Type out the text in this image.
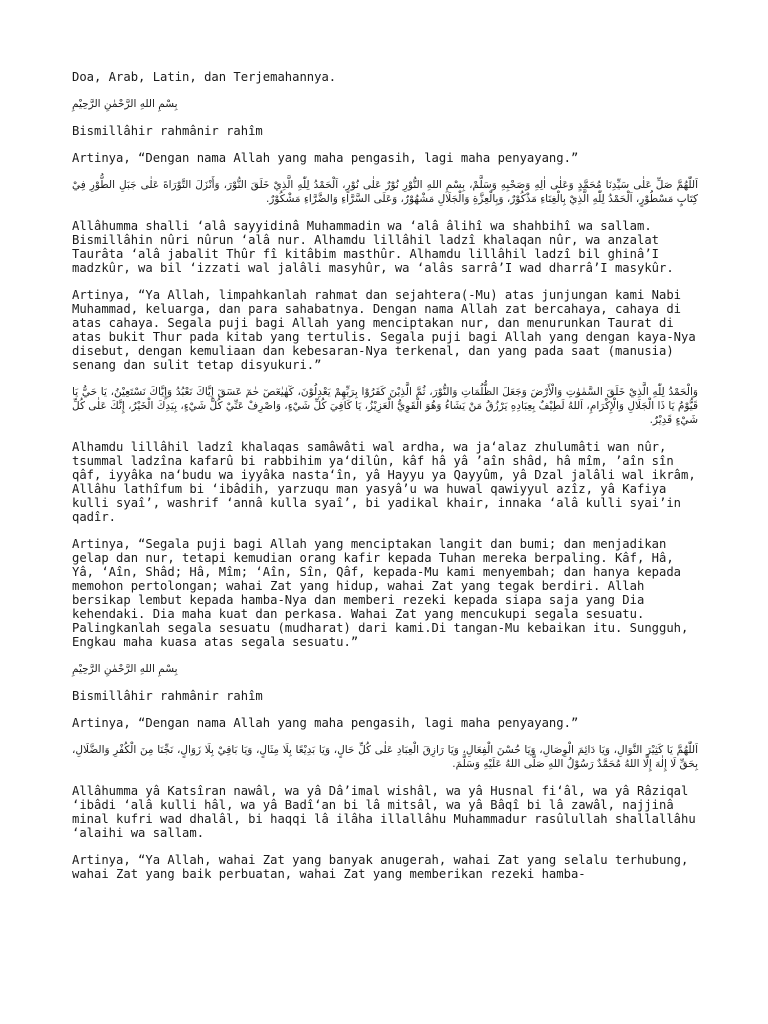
Doa, Arab, Latin, dan Terjemahannya.

بِسْمِ اللهِ الرَّحْمٰنِ الرَّحِيْمِ

Bismillâhir rahmânir rahîm

Artinya, “Dengan nama Allah yang maha pengasih, lagi maha penyayang.”

اَللّٰهُمَّ صَلِّ عَلٰى سَيِّدِنَا مُحَمَّدٍ وَعَلٰى اٰلِهِ وَصَحْبِهِ وَسَلَّمْ، بِسْمِ اللهِ النُّوْرِ نُوْرٌ عَلٰى نُوْرٍ، اَلْحَمْدُ لِلّٰهِ الَّذِيْ خَلَقَ النُّوْرَ، وَأَنْزَلَ التَّوْرَاةَ عَلٰى جَبَلِ الطُّوْرِ فِيْ كِتَابٍ مَسْطُوْرٍ، اَلْحَمْدُ لِلّٰهِ الَّذِيْ بِالْغِنَاءِ مَذْكُوْرٌ، وَبِالْعِزَّةِ وَالْجَلَالِ مَشْهُوْرٌ، وَعَلَى السَّرَّاءِ وَالضَّرَّاءِ مَشْكُوْرٌ.

Allâhumma shalli ‘alâ sayyidinâ Muhammadin wa ‘alâ âlihî wa shahbihî wa sallam. Bismillâhin nûri nûrun ‘alâ nur. Alhamdu lillâhil ladzî khalaqan nûr, wa anzalat Taurâta ‘alâ jabalit Thûr fî kitâbim masthûr. Alhamdu lillâhil ladzî bil ghinâ’I madzkûr, wa bil ‘izzati wal jalâli masyhûr, wa ‘alâs sarrâ’I wad dharrâ’I masykûr.

Artinya, “Ya Allah, limpahkanlah rahmat dan sejahtera(-Mu) atas junjungan kami Nabi Muhammad, keluarga, dan para sahabatnya. Dengan nama Allah zat bercahaya, cahaya di atas cahaya. Segala puji bagi Allah yang menciptakan nur, dan menurunkan Taurat di atas bukit Thur pada kitab yang tertulis. Segala puji bagi Allah yang dengan kaya-Nya disebut, dengan kemuliaan dan kebesaran-Nya terkenal, dan yang pada saat (manusia) senang dan sulit tetap disyukuri.”

وَالْحَمْدُ لِلّٰهِ الَّذِيْ خَلَقَ السَّمٰوٰتِ وَالْأَرْضَ وَجَعَلَ الظُّلُمَاتِ وَالنُّوْرَ، ثُمَّ الَّذِيْنَ كَفَرُوْا بِرَبِّهِمْ يَعْدِلُوْنَ، كٓهٰيٰعٓصٓ حٰمٓ عٓسٓقٓ إِيَّاكَ نَعْبُدُ وَإِيَّاكَ نَسْتَعِيْنُ، يَا حَيُّ يَا قَيُّوْمُ يَا ذَا الْجَلَالِ وَالْإِكْرَامِ، اَللهُ لَطِيْفٌ بِعِبَادِهِ يَرْزُقُ مَنْ يَشَاءُ وَهُوَ الْقَوِيُّ الْعَزِيْزُ، يَا كَافِيَ كُلِّ شَيْءٍ، وَاصْرِفْ عَنِّيْ كُلَّ شَيْءٍ، بِيَدِكَ الْخَيْرُ، إِنَّكَ عَلٰى كُلِّ شَيْءٍ قَدِيْرٌ.

Alhamdu lillâhil ladzî khalaqas samâwâti wal ardha, wa ja‘alaz zhulumâti wan nûr, tsummal ladzîna kafarû bi rabbihim ya‘dilûn, kâf hâ yâ ’aîn shâd, hâ mîm, ’aîn sîn qâf, iyyâka na‘budu wa iyyâka nasta‘în, yâ Hayyu ya Qayyûm, yâ Dzal jalâli wal ikrâm, Allâhu lathîfum bi ‘ibâdih, yarzuqu man yasyâ’u wa huwal qawiyyul azîz, yâ Kafiya kulli syaî’, washrif ‘annâ kulla syaî’, bi yadikal khair, innaka ‘alâ kulli syai’in qadîr.

Artinya, “Segala puji bagi Allah yang menciptakan langit dan bumi; dan menjadikan gelap dan nur, tetapi kemudian orang kafir kepada Tuhan mereka berpaling. Kâf, Hâ, Yâ, ‘Aîn, Shâd; Hâ, Mîm; ‘Aîn, Sîn, Qâf, kepada-Mu kami menyembah; dan hanya kepada memohon pertolongan; wahai Zat yang hidup, wahai Zat yang tegak berdiri. Allah bersikap lembut kepada hamba-Nya dan memberi rezeki kepada siapa saja yang Dia kehendaki. Dia maha kuat dan perkasa. Wahai Zat yang mencukupi segala sesuatu. Palingkanlah segala sesuatu (mudharat) dari kami.Di tangan-Mu kebaikan itu. Sungguh, Engkau maha kuasa atas segala sesuatu.”

بِسْمِ اللهِ الرَّحْمٰنِ الرَّحِيْمِ

Bismillâhir rahmânir rahîm

Artinya, “Dengan nama Allah yang maha pengasih, lagi maha penyayang.”

اَللّٰهُمَّ يَا كَثِيْرَ النَّوَالِ، وَيَا دَائِمَ الْوِصَالِ، وَيَا حُسْنَ الْفِعَالِ، وَيَا رَازِقَ الْعِبَادِ عَلٰى كُلِّ حَالٍ، وَيَا بَدِيْعًا بِلَا مِثَالٍ، وَيَا بَاقِيْ بِلَا زَوَالٍ، نَجِّنَا مِنَ الْكُفْرِ وَالضَّلَالِ، بِحَقِّ لَا إِلٰهَ إِلَّا اللهُ مُحَمَّدٌ رَسُوْلُ اللهِ صَلَّى اللهُ عَلَيْهِ وَسَلَّمَ.

Allâhumma yâ Katsîran nawâl, wa yâ Dâ’imal wishâl, wa yâ Husnal fi‘âl, wa yâ Râziqal ‘ibâdi ‘alâ kulli hâl, wa yâ Badî‘an bi lâ mitsâl, wa yâ Bâqî bi lâ zawâl, najjinâ minal kufri wad dhalâl, bi haqqi lâ ilâha illallâhu Muhammadur rasûlullah shallallâhu ‘alaihi wa sallam.

Artinya, “Ya Allah, wahai Zat yang banyak anugerah, wahai Zat yang selalu terhubung, wahai Zat yang baik perbuatan, wahai Zat yang memberikan rezeki hamba-
